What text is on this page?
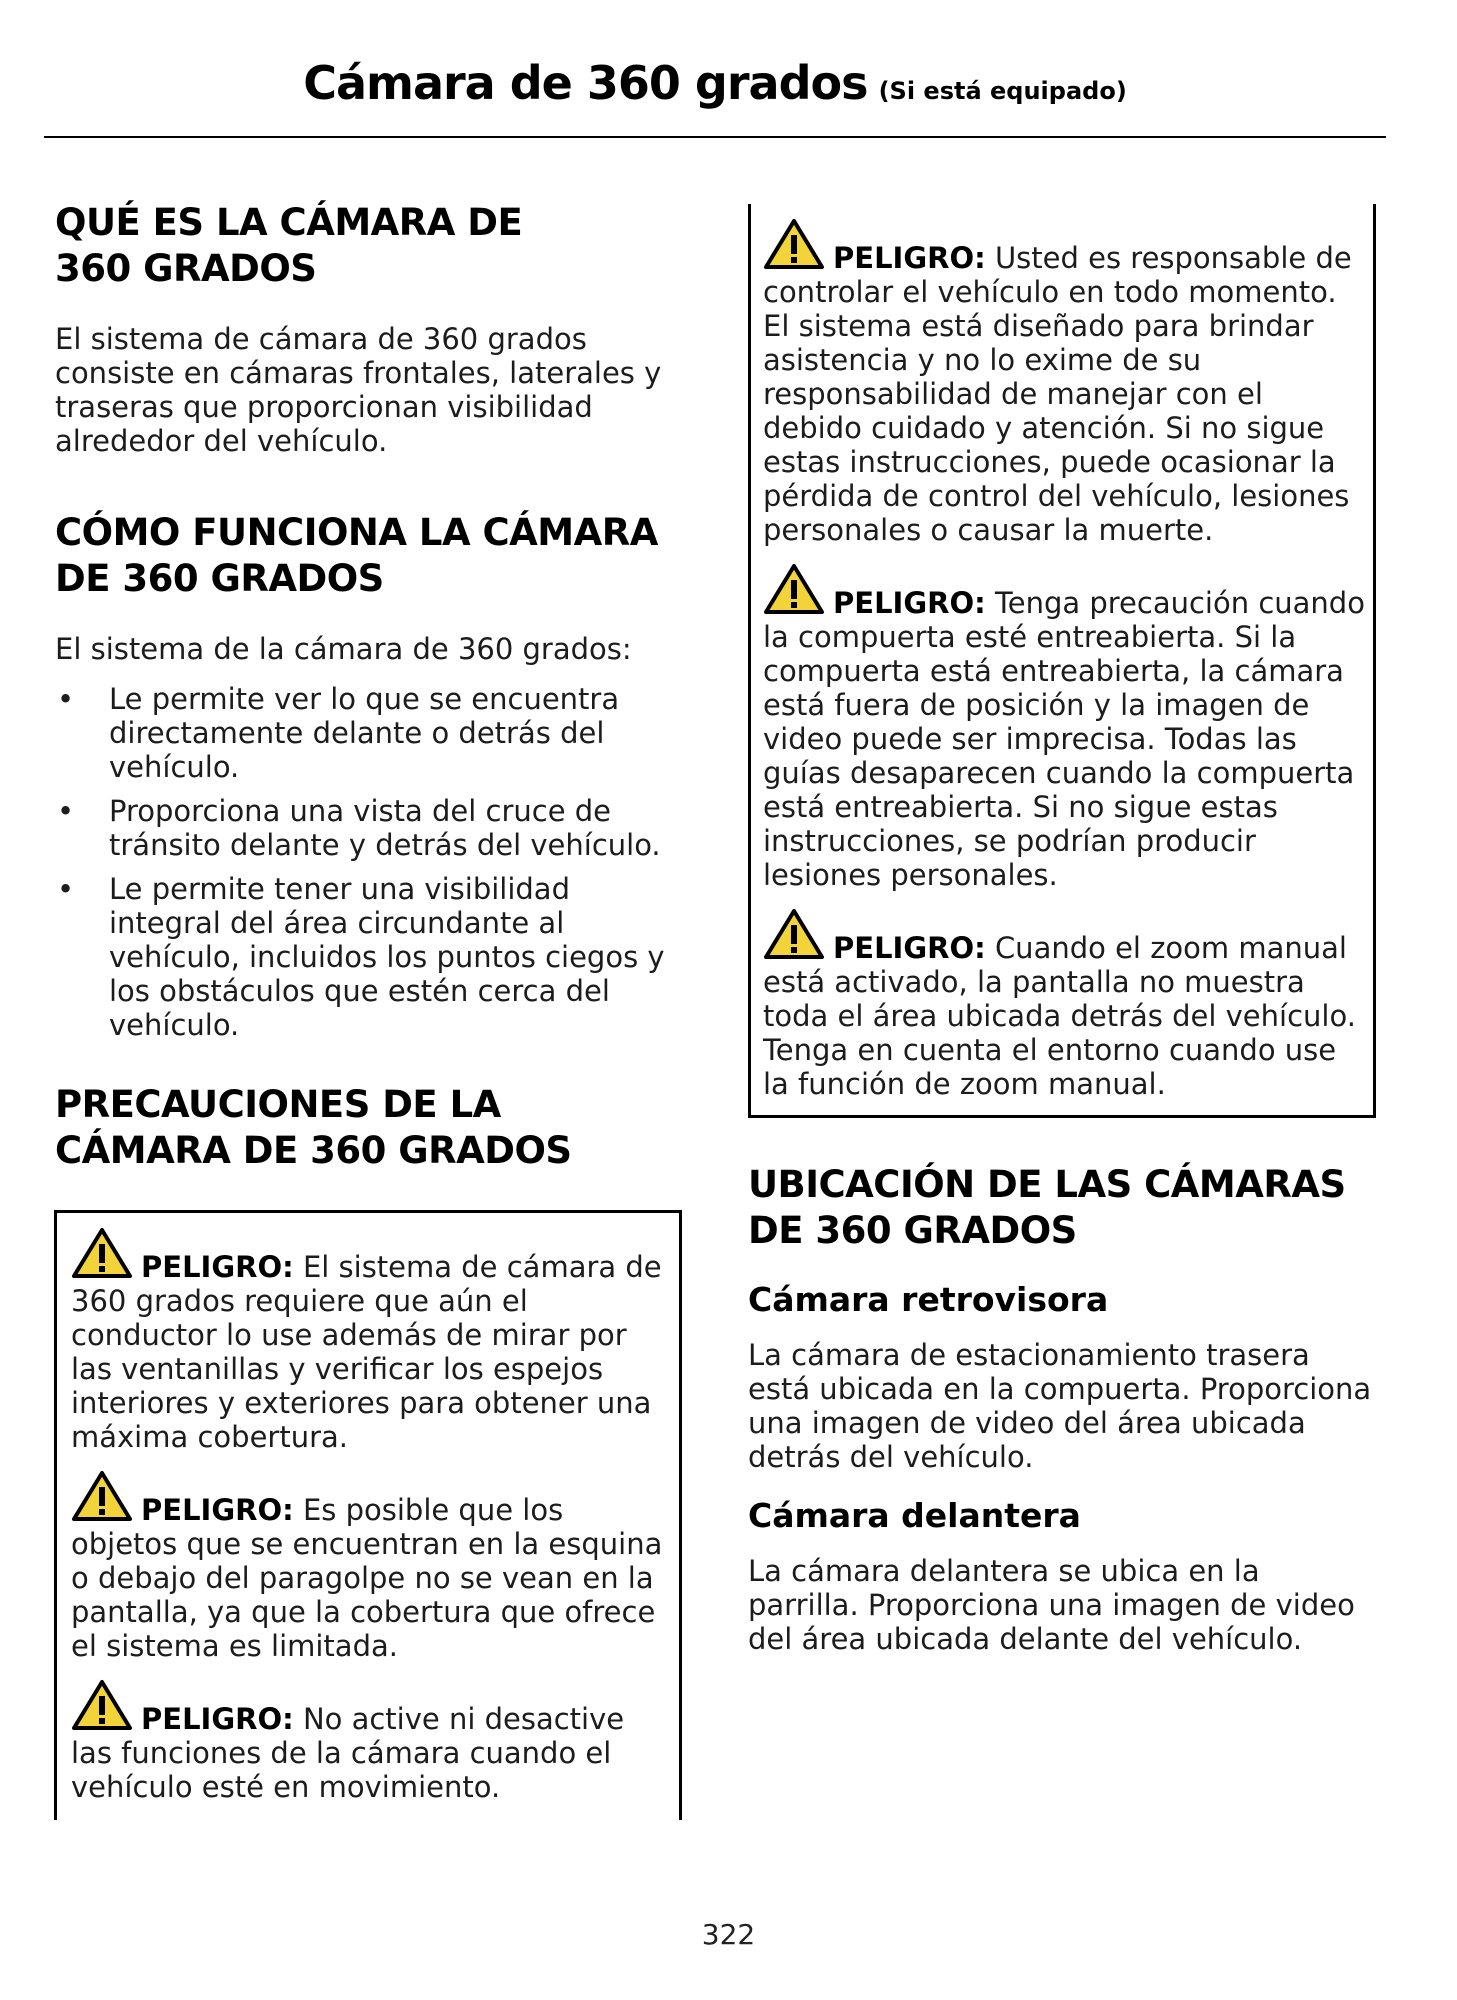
Cámara de 360 grados (Si está equipado)
QUÉ ES LA CÁMARA DE
360 GRADOS

El sistema de cámara de 360 grados consiste en cámaras frontales, laterales y traseras que proporcionan visibilidad alrededor del vehículo.

CÓMO FUNCIONA LA CÁMARA
DE 360 GRADOS

El sistema de la cámara de 360 grados:

• Le permite ver lo que se encuentra directamente delante o detrás del vehículo.
• Proporciona una vista del cruce de tránsito delante y detrás del vehículo.
• Le permite tener una visibilidad integral del área circundante al vehículo, incluidos los puntos ciegos y los obstáculos que estén cerca del vehículo.
PRECAUCIONES DE LA
CÁMARA DE 360 GRADOS
PELIGRO: El sistema de cámara de 360 grados requiere que aún el conductor lo use además de mirar por las ventanillas y verificar los espejos interiores y exteriores para obtener una máxima cobertura.
PELIGRO: Es posible que los objetos que se encuentran en la esquina o debajo del paragolpe no se vean en la pantalla, ya que la cobertura que ofrece el sistema es limitada.
PELIGRO: No active ni desactive las funciones de la cámara cuando el vehículo esté en movimiento.
PELIGRO: Usted es responsable de controlar el vehículo en todo momento. El sistema está diseñado para brindar asistencia y no lo exime de su responsabilidad de manejar con el debido cuidado y atención. Si no sigue estas instrucciones, puede ocasionar la pérdida de control del vehículo, lesiones personales o causar la muerte.
PELIGRO: Tenga precaución cuando la compuerta esté entreabierta. Si la compuerta está entreabierta, la cámara está fuera de posición y la imagen de video puede ser imprecisa. Todas las guías desaparecen cuando la compuerta está entreabierta. Si no sigue estas instrucciones, se podrían producir lesiones personales.
PELIGRO: Cuando el zoom manual está activado, la pantalla no muestra toda el área ubicada detrás del vehículo. Tenga en cuenta el entorno cuando use la función de zoom manual.
UBICACIÓN DE LAS CÁMARAS
DE 360 GRADOS
Cámara retrovisora

La cámara de estacionamiento trasera está ubicada en la compuerta. Proporciona una imagen de video del área ubicada detrás del vehículo.

Cámara delantera

La cámara delantera se ubica en la parrilla. Proporciona una imagen de video del área ubicada delante del vehículo.

322
